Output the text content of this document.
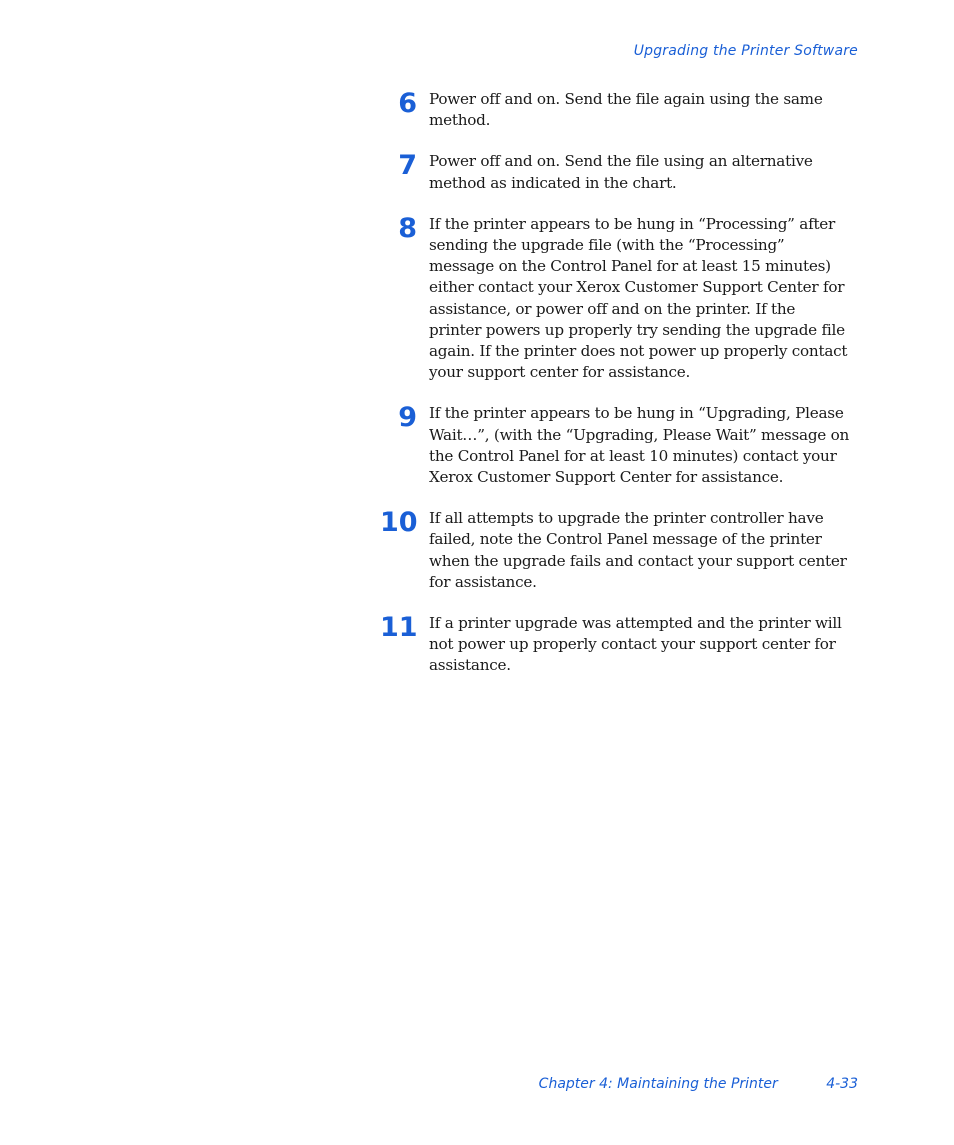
Upgrading the Printer Software
6 Power off and on. Send the file again using the same method.

7 Power off and on. Send the file using an alternative method as indicated in the chart.

8 If the printer appears to be hung in “Processing” after sending the upgrade file (with the “Processing” message on the Control Panel for at least 15 minutes) either contact your Xerox Customer Support Center for assistance, or power off and on the printer. If the printer powers up properly try sending the upgrade file again. If the printer does not power up properly contact your support center for assistance.

9 If the printer appears to be hung in “Upgrading, Please Wait…”, (with the “Upgrading, Please Wait” message on the Control Panel for at least 10 minutes) contact your Xerox Customer Support Center for assistance.

10 If all attempts to upgrade the printer controller have failed, note the Control Panel message of the printer when the upgrade fails and contact your support center for assistance.

11 If a printer upgrade was attempted and the printer will not power up properly contact your support center for assistance.

Chapter 4: Maintaining the Printer	4-33
